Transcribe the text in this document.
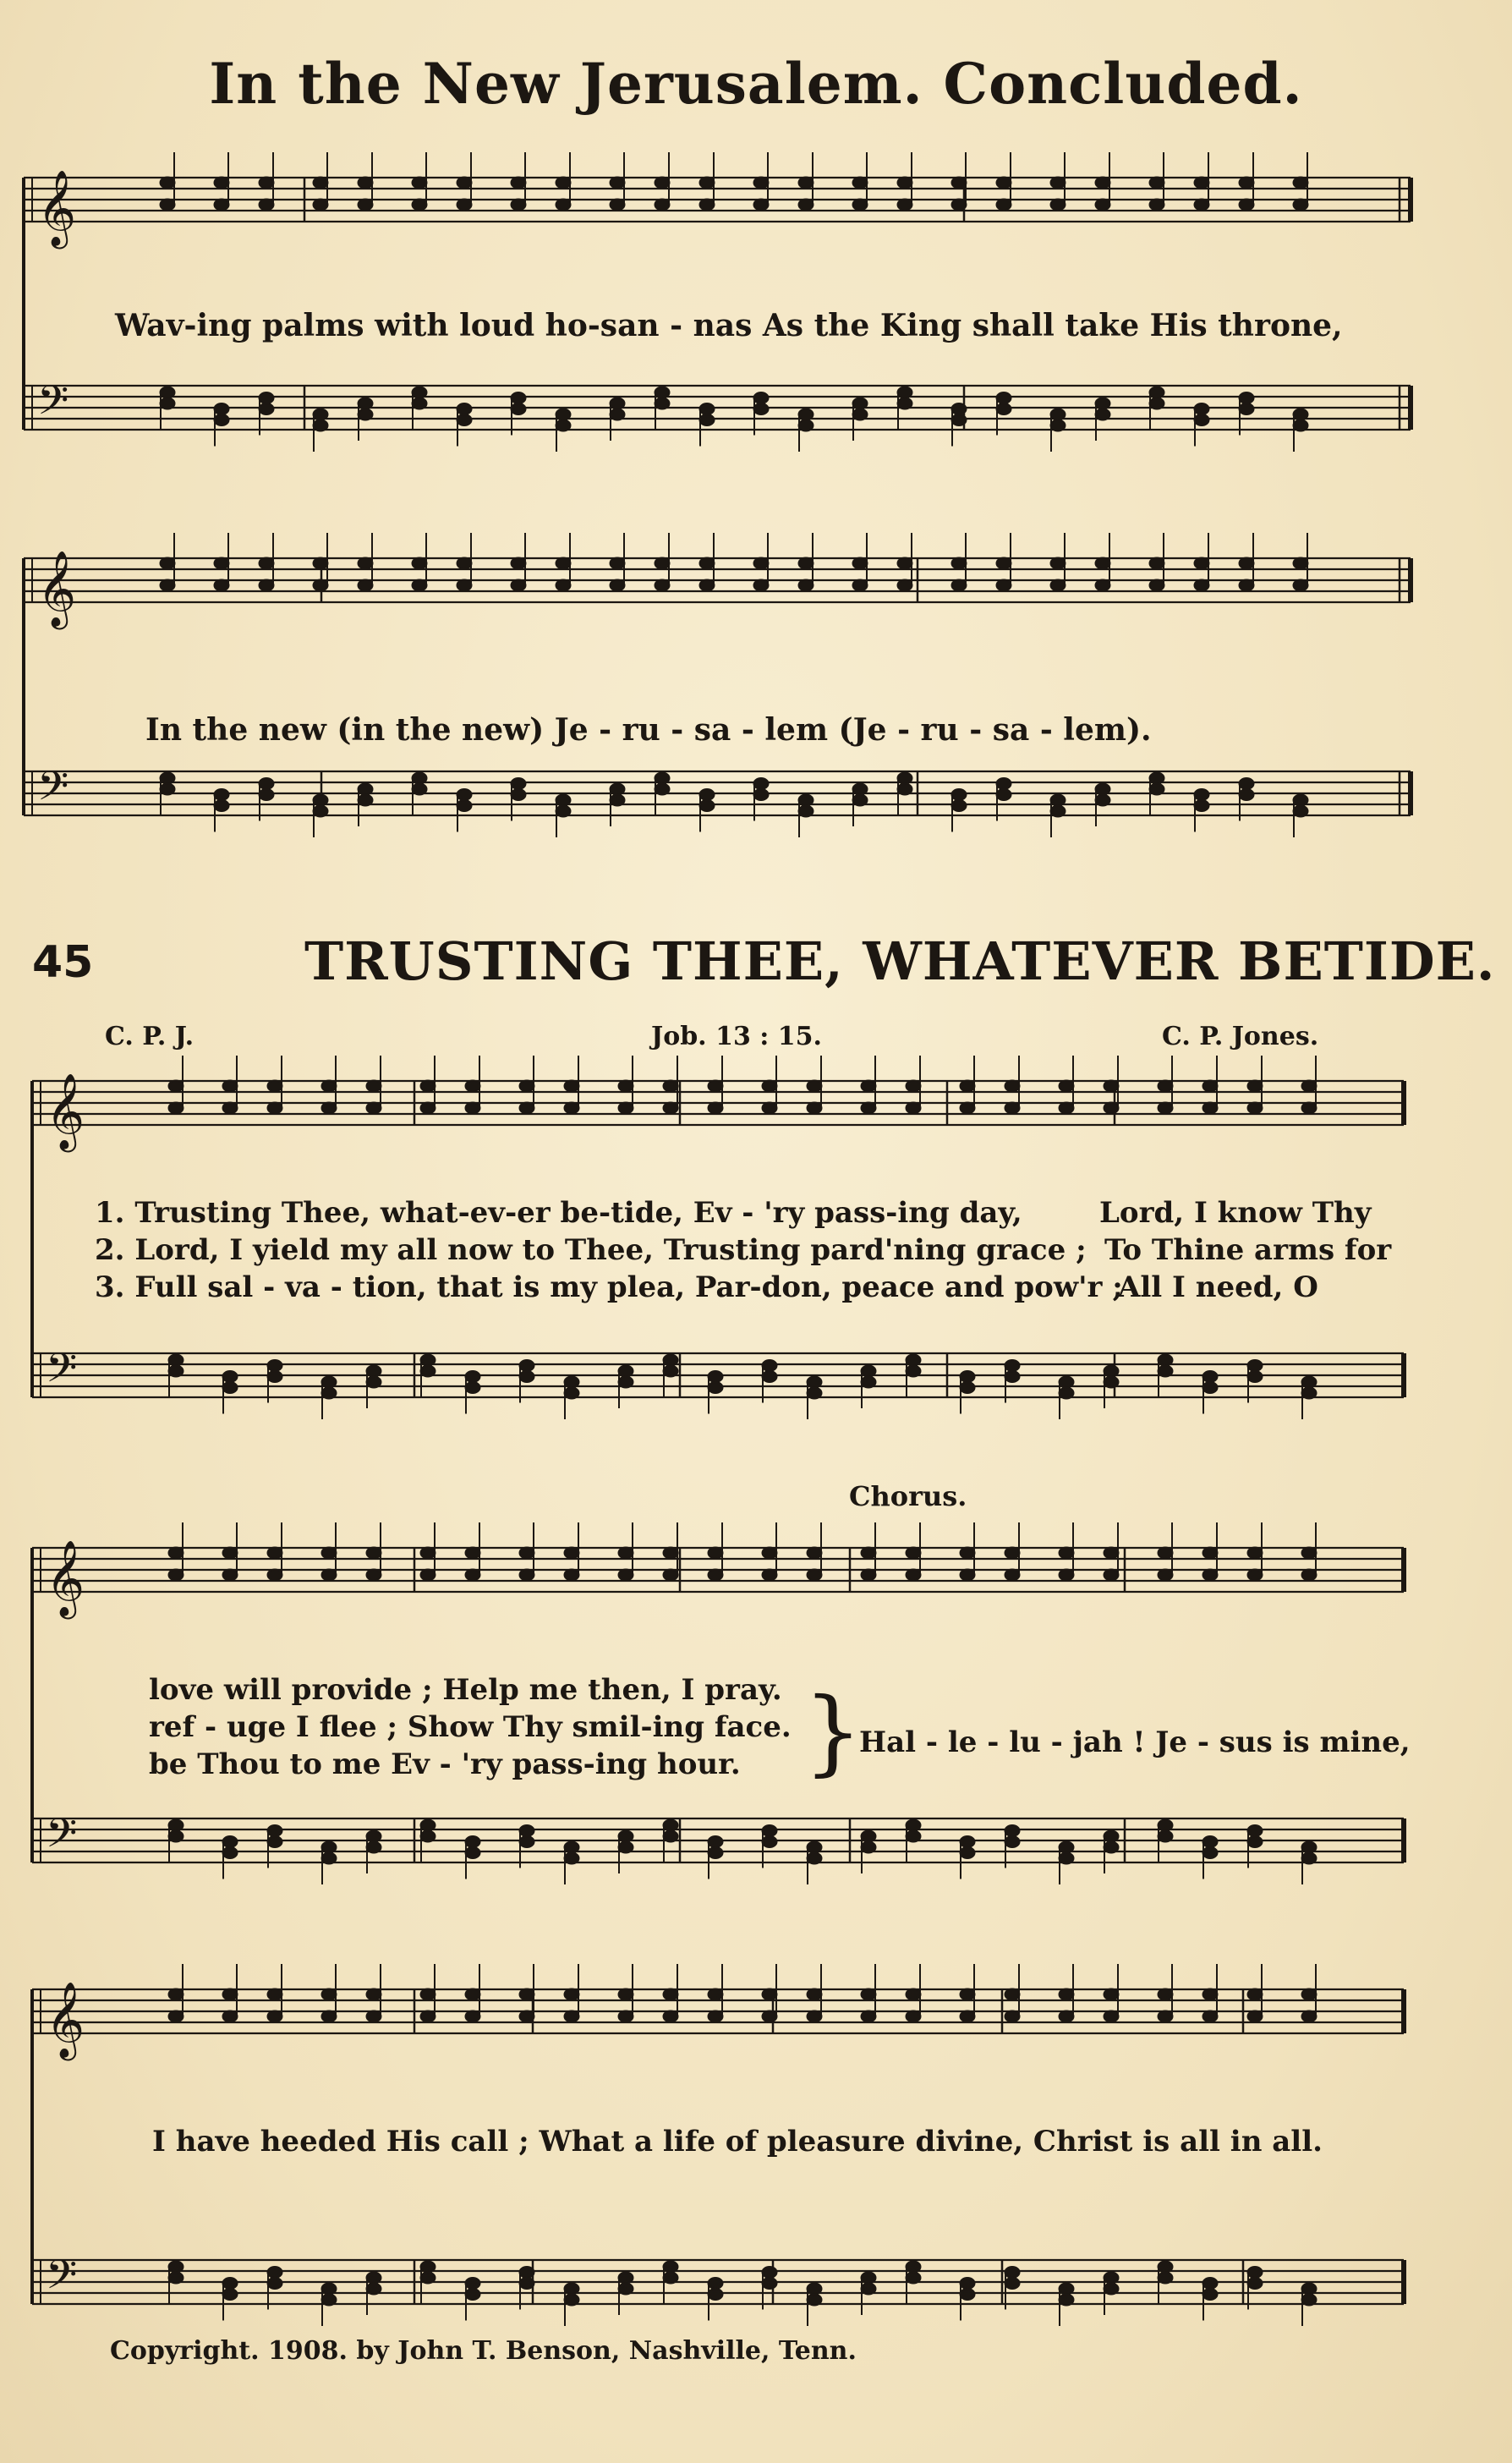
𝄞
𝄢
𝄞
𝄢
𝄞
𝄢
𝄞
𝄢
𝄞
𝄢
In the New Jerusalem. Concluded.
45	TRUSTING THEE, WHATEVER BETIDE.
C. P. J.	Job. 13 : 15.	C. P. Jones.
Wav-ing palms with loud ho-san - nas As the King shall take His throne,
In the new (in the new) Je - ru - sa - lem (Je - ru - sa - lem).
1. Trusting Thee, what-ev-er be-tide, Ev - 'ry pass-ing day,
2. Lord, I yield my all now to Thee, Trusting pard'ning grace ;
3. Full sal - va - tion, that is my plea, Par-don, peace and pow'r ;
Lord, I know Thy
To Thine arms for
All I need, O
Chorus.
love will provide ; Help me then, I pray.
ref - uge I flee ; Show Thy smil-ing face.
be Thou to me Ev - 'ry pass-ing hour. }
Hal - le - lu - jah ! Je - sus is mine,
I have heeded His call ; What a life of pleasure divine, Christ is all in all.
Copyright. 1908. by John T. Benson, Nashville, Tenn.
